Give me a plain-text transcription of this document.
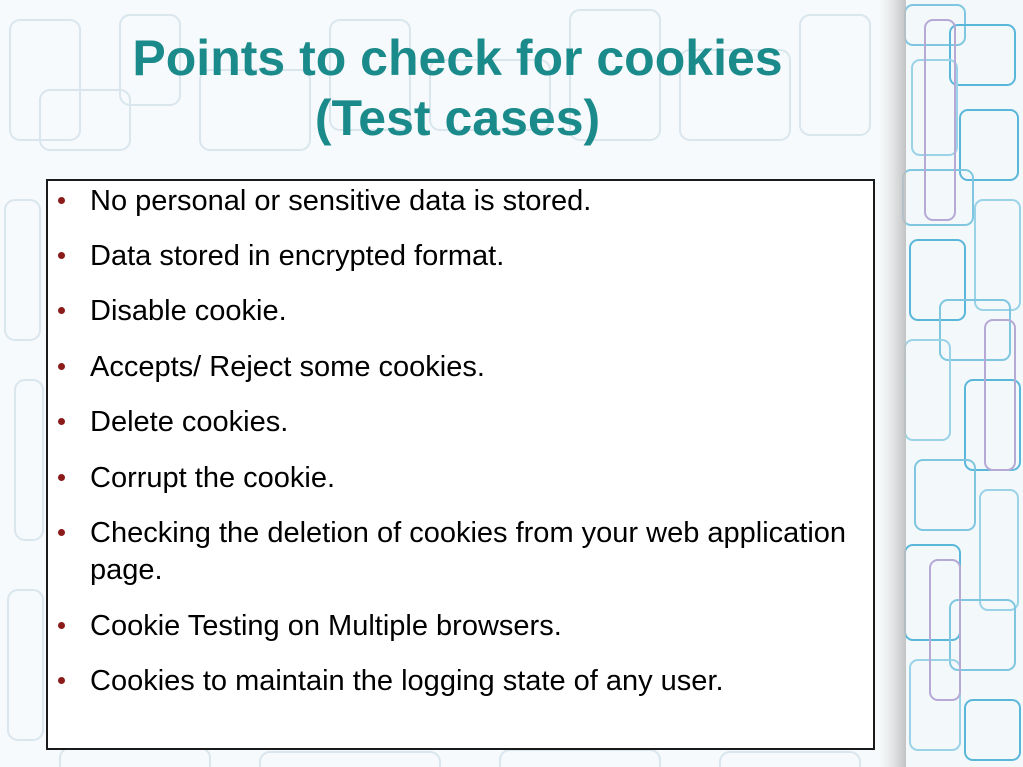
Points to check for cookies
(Test cases)
No personal or sensitive data is stored.
Data stored in encrypted format.
Disable cookie.
Accepts/ Reject some cookies.
Delete cookies.
Corrupt the cookie.
Checking the deletion of cookies from your web application page.
Cookie Testing on Multiple browsers.
Cookies to maintain the logging state of any user.
